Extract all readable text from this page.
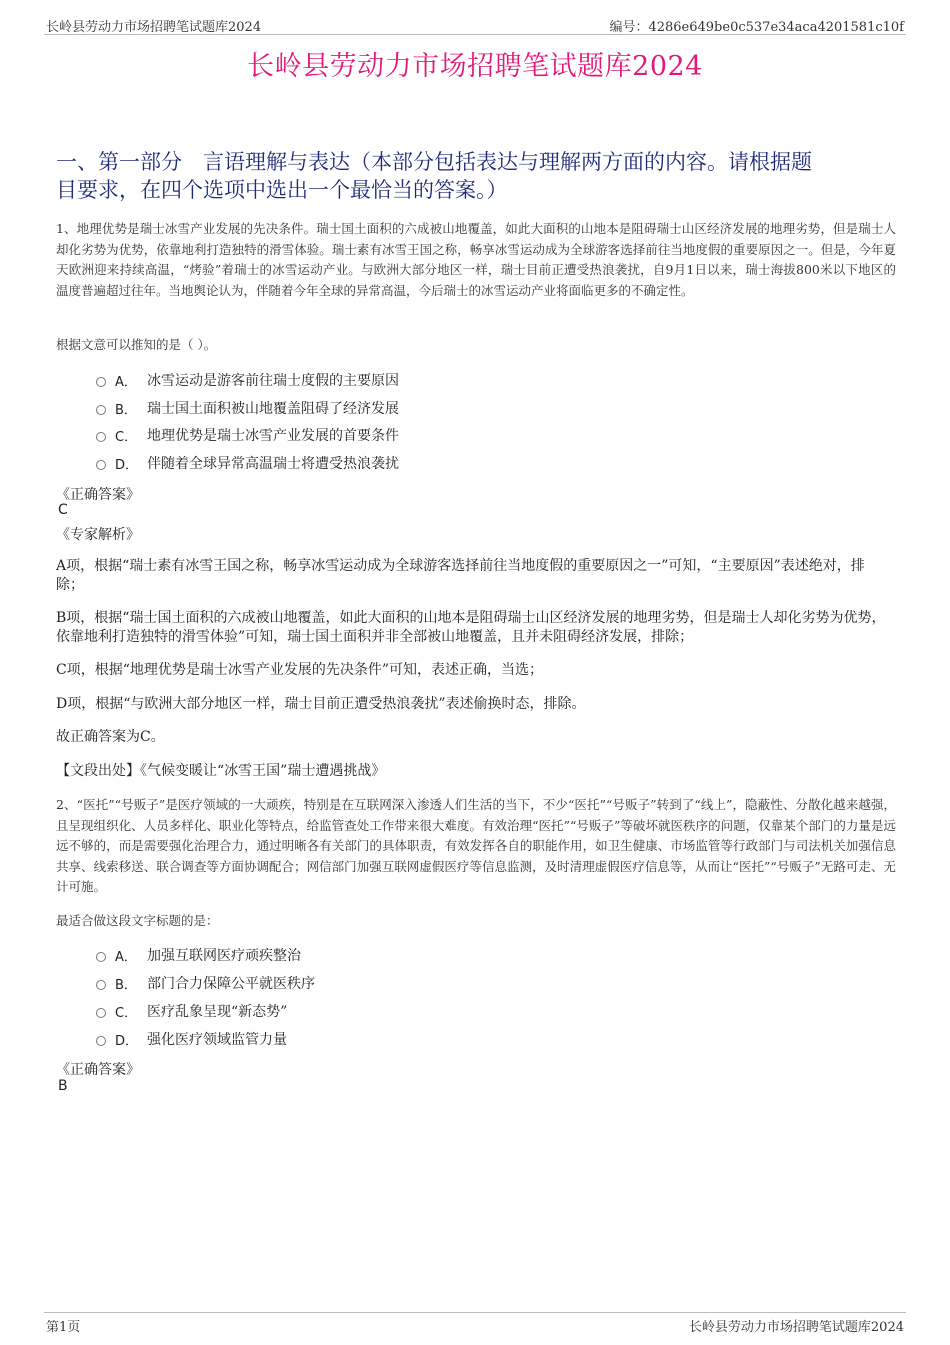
长岭县劳动力市场招聘笔试题库2024	编号：4286e649be0c537e34aca4201581c10f
长岭县劳动力市场招聘笔试题库2024
一、第一部分　言语理解与表达（本部分包括表达与理解两方面的内容。请根据题
目要求，在四个选项中选出一个最恰当的答案。）
1、地理优势是瑞士冰雪产业发展的先决条件。瑞士国土面积的六成被山地覆盖，如此大面积的山地本是阻碍瑞士山区经济发展的地理劣势，但是瑞士人却化劣势为优势，依靠地利打造独特的滑雪体验。瑞士素有冰雪王国之称，畅享冰雪运动成为全球游客选择前往当地度假的重要原因之一。但是，今年夏天欧洲迎来持续高温，“烤验”着瑞士的冰雪运动产业。与欧洲大部分地区一样，瑞士目前正遭受热浪袭扰，自9月1日以来，瑞士海拔800米以下地区的温度普遍超过往年。当地舆论认为，伴随着今年全球的异常高温，今后瑞士的冰雪运动产业将面临更多的不确定性。
根据文意可以推知的是（ ）。
A． 冰雪运动是游客前往瑞士度假的主要原因
B． 瑞士国土面积被山地覆盖阻碍了经济发展
C． 地理优势是瑞士冰雪产业发展的首要条件
D． 伴随着全球异常高温瑞士将遭受热浪袭扰
《正确答案》
C
《专家解析》
A项，根据“瑞士素有冰雪王国之称，畅享冰雪运动成为全球游客选择前往当地度假的重要原因之一”可知，“主要原因”表述绝对，排除；
B项，根据“瑞士国土面积的六成被山地覆盖，如此大面积的山地本是阻碍瑞士山区经济发展的地理劣势，但是瑞士人却化劣势为优势，依靠地利打造独特的滑雪体验”可知，瑞士国土面积并非全部被山地覆盖，且并未阻碍经济发展，排除；
C项，根据“地理优势是瑞士冰雪产业发展的先决条件”可知，表述正确，当选；
D项，根据“与欧洲大部分地区一样，瑞士目前正遭受热浪袭扰”表述偷换时态，排除。
故正确答案为C。
【文段出处】《气候变暖让“冰雪王国”瑞士遭遇挑战》
2、“医托”“号贩子”是医疗领域的一大顽疾，特别是在互联网深入渗透人们生活的当下，不少“医托”“号贩子”转到了“线上”，隐蔽性、分散化越来越强，且呈现组织化、人员多样化、职业化等特点，给监管查处工作带来很大难度。有效治理“医托”“号贩子”等破坏就医秩序的问题，仅靠某个部门的力量是远远不够的，而是需要强化治理合力，通过明晰各有关部门的具体职责，有效发挥各自的职能作用，如卫生健康、市场监管等行政部门与司法机关加强信息共享、线索移送、联合调查等方面协调配合；网信部门加强互联网虚假医疗等信息监测，及时清理虚假医疗信息等，从而让“医托”“号贩子”无路可走、无计可施。
最适合做这段文字标题的是：
A． 加强互联网医疗顽疾整治
B． 部门合力保障公平就医秩序
C． 医疗乱象呈现“新态势”
D． 强化医疗领域监管力量
《正确答案》
B
第1页	长岭县劳动力市场招聘笔试题库2024
